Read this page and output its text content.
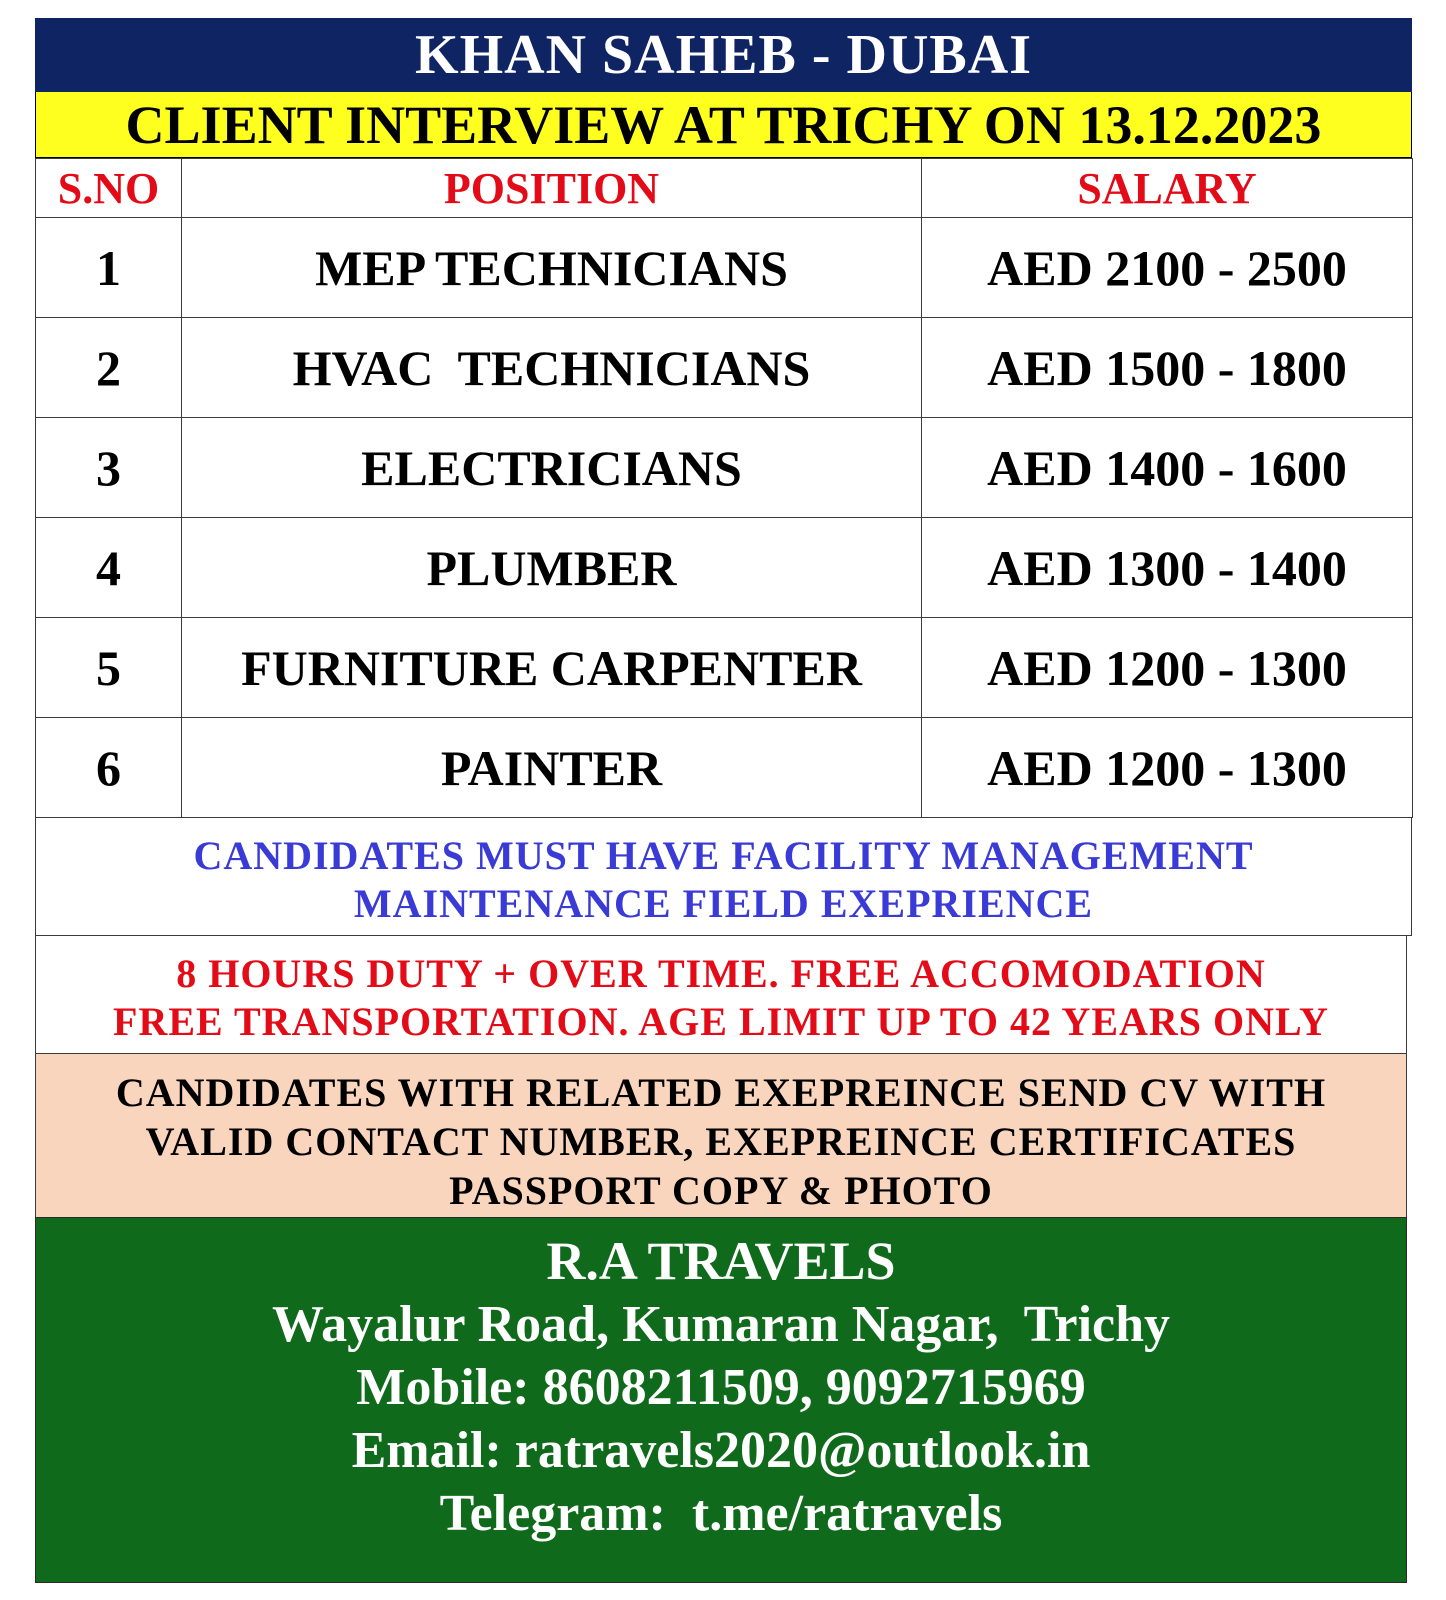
KHAN SAHEB - DUBAI
CLIENT INTERVIEW AT TRICHY ON 13.12.2023
S.NO	POSITION	SALARY
1	MEP TECHNICIANS	AED 2100 - 2500
2	HVAC  TECHNICIANS	AED 1500 - 1800
3	ELECTRICIANS	AED 1400 - 1600
4	PLUMBER	AED 1300 - 1400
5	FURNITURE CARPENTER	AED 1200 - 1300
6	PAINTER	AED 1200 - 1300
CANDIDATES MUST HAVE FACILITY MANAGEMENT
MAINTENANCE FIELD EXEPRIENCE
8 HOURS DUTY + OVER TIME. FREE ACCOMODATION
FREE TRANSPORTATION. AGE LIMIT UP TO 42 YEARS ONLY
CANDIDATES WITH RELATED EXEPREINCE SEND CV WITH
VALID CONTACT NUMBER, EXEPREINCE CERTIFICATES
PASSPORT COPY & PHOTO
R.A TRAVELS
Wayalur Road, Kumaran Nagar,  Trichy
Mobile: 8608211509, 9092715969
Email: ratravels2020@outlook.in
Telegram:  t.me/ratravels
